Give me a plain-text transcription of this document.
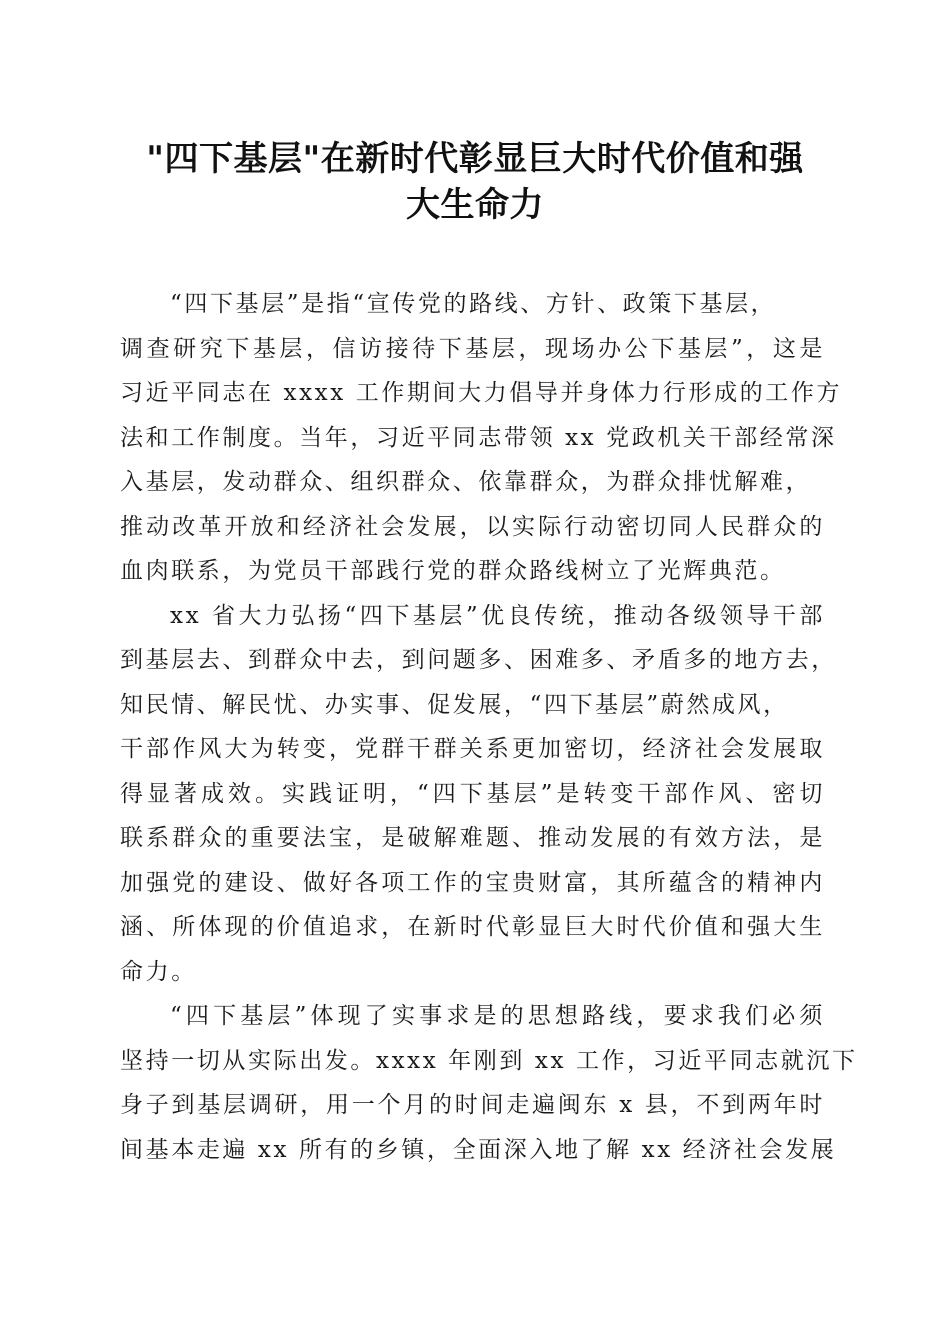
"四下基层"在新时代彰显巨大时代价值和强
大生命力
“四下基层”是指“宣传党的路线、方针、政策下基层，
调查研究下基层，信访接待下基层，现场办公下基层”，这是
习近平同志在 xxxx 工作期间大力倡导并身体力行形成的工作方
法和工作制度。当年，习近平同志带领 xx 党政机关干部经常深
入基层，发动群众、组织群众、依靠群众，为群众排忧解难，
推动改革开放和经济社会发展，以实际行动密切同人民群众的
血肉联系，为党员干部践行党的群众路线树立了光辉典范。
xx 省大力弘扬“四下基层”优良传统，推动各级领导干部
到基层去、到群众中去，到问题多、困难多、矛盾多的地方去，
知民情、解民忧、办实事、促发展，“四下基层”蔚然成风，
干部作风大为转变，党群干群关系更加密切，经济社会发展取
得显著成效。实践证明，“四下基层”是转变干部作风、密切
联系群众的重要法宝，是破解难题、推动发展的有效方法，是
加强党的建设、做好各项工作的宝贵财富，其所蕴含的精神内
涵、所体现的价值追求，在新时代彰显巨大时代价值和强大生
命力。
“四下基层”体现了实事求是的思想路线，要求我们必须
坚持一切从实际出发。xxxx 年刚到 xx 工作，习近平同志就沉下
身子到基层调研，用一个月的时间走遍闽东 x 县，不到两年时
间基本走遍 xx 所有的乡镇，全面深入地了解 xx 经济社会发展
